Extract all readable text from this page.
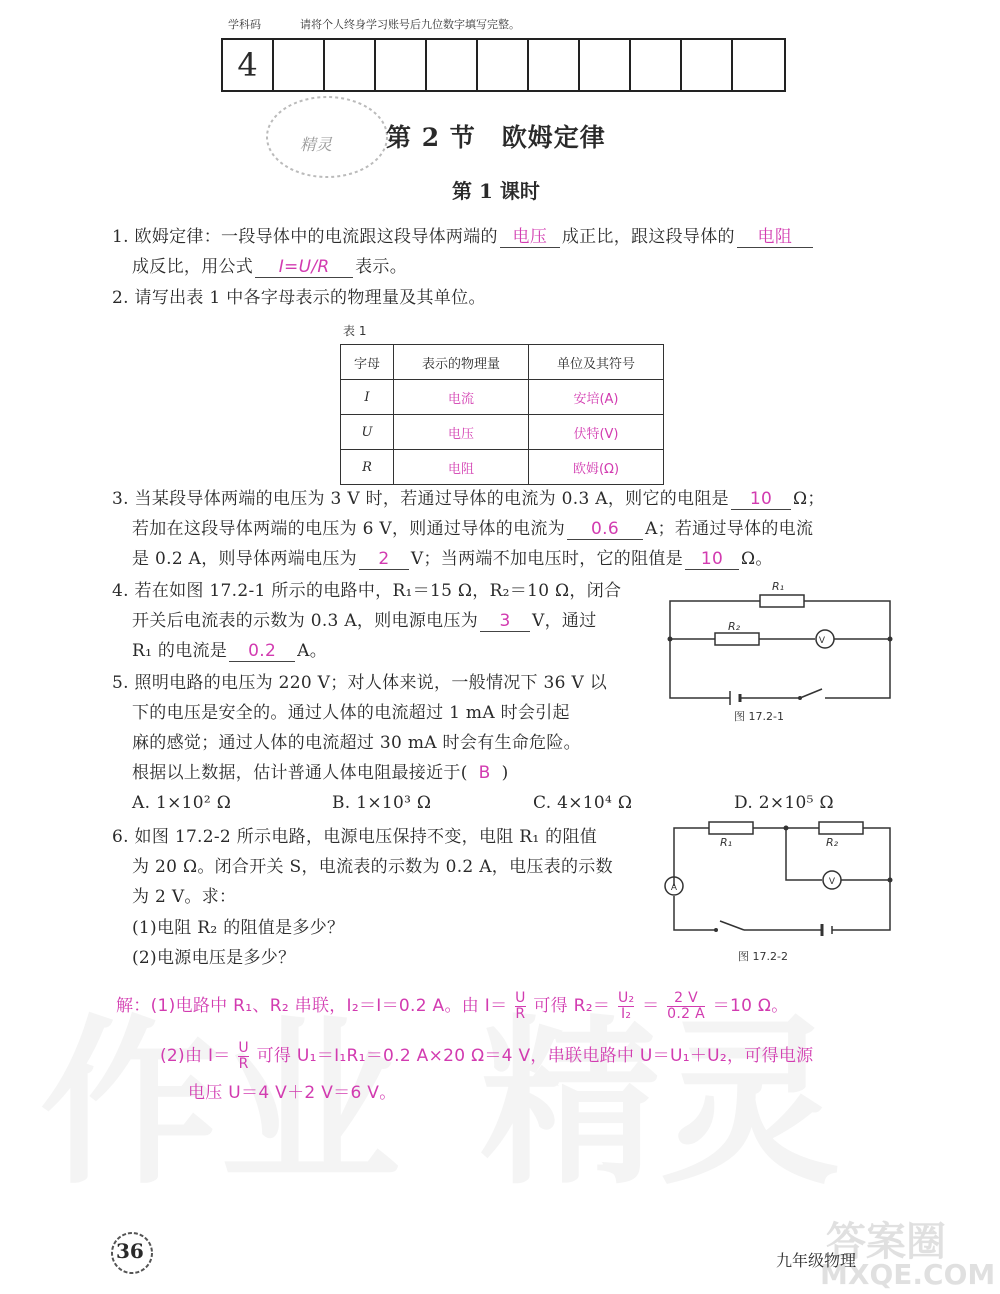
学科码	请将个人终身学习账号后九位数字填写完整。
4
精灵 第 2 节　欧姆定律
第 1 课时
1. 欧姆定律：一段导体中的电流跟这段导体两端的 电压 成正比，跟这段导体的 电阻
成反比，用公式 I=U/R 表示。
2. 请写出表 1 中各字母表示的物理量及其单位。
表 1
字母	表示的物理量	单位及其符号
I	电流	安培(A)
U	电压	伏特(V)
R	电阻	欧姆(Ω)
3. 当某段导体两端的电压为 3 V 时，若通过导体的电流为 0.3 A，则它的电阻是 10 Ω；
若加在这段导体两端的电压为 6 V，则通过导体的电流为 0.6 A；若通过导体的电流
是 0.2 A，则导体两端电压为 2 V；当两端不加电压时，它的阻值是 10 Ω。
4. 若在如图 17.2-1 所示的电路中，R₁＝15 Ω，R₂＝10 Ω，闭合
开关后电流表的示数为 0.3 A，则电源电压为 3 V，通过
R₁ 的电流是 0.2 A。	V
R₁
R₂
图 17.2-1
5. 照明电路的电压为 220 V；对人体来说，一般情况下 36 V 以
下的电压是安全的。通过人体的电流超过 1 mA 时会引起
麻的感觉；通过人体的电流超过 30 mA 时会有生命危险。
根据以上数据，估计普通人体电阻最接近于( B )
A. 1×10² Ω	B. 1×10³ Ω	C. 4×10⁴ Ω	D. 2×10⁵ Ω
6. 如图 17.2-2 所示电路，电源电压保持不变，电阻 R₁ 的阻值
为 20 Ω。闭合开关 S，电流表的示数为 0.2 A，电压表的示数
为 2 V。求：
(1)电阻 R₂ 的阻值是多少？
(2)电源电压是多少？
V
A
R₁	R₂
图 17.2-2
解：(1)电路中 R₁、R₂ 串联，I₂＝I＝0.2 A。由 $I= \frac{U}{R}$ 可得 $R_2= \frac{\text{U₂}}{\text{I₂}} = \frac{2 V}{0.2 A} =10$ Ω。
(2)由 $I= \frac{U}{R}$ 可得 U₁＝I₁R₁＝0.2 A×20 Ω＝4 V，串联电路中 U＝U₁＋U₂，可得电源
电压 U＝4 V＋2 V＝6 V。
36	九年级物理
答案圈
MXQE.COM
